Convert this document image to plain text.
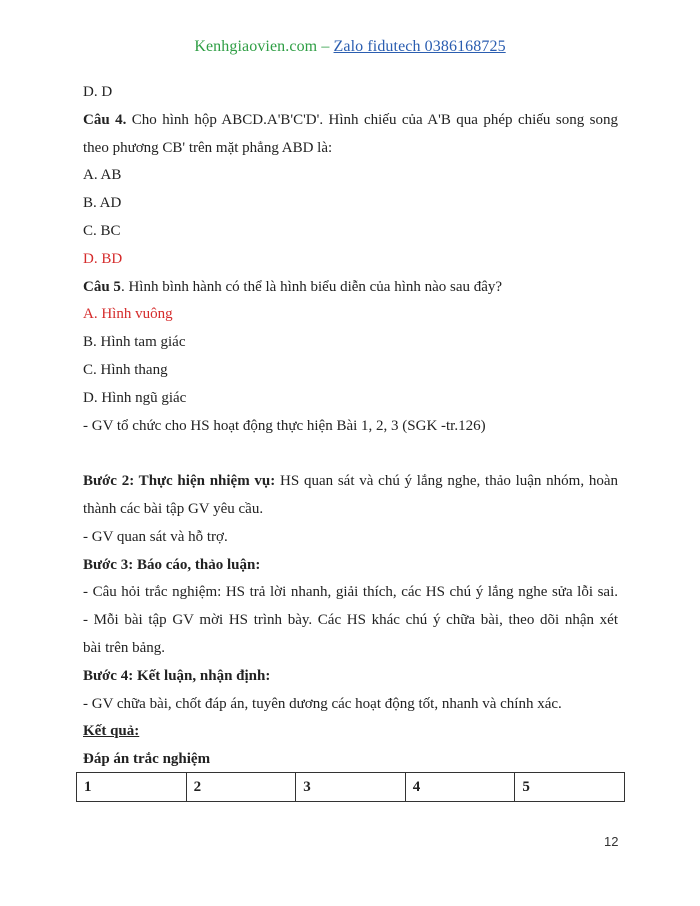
Kenhgiaovien.com – Zalo fidutech 0386168725
D. D
Câu 4. Cho hình hộp ABCD.A'B'C'D'. Hình chiếu của A'B qua phép chiếu song song
theo phương CB' trên mặt phẳng ABD là:
A. AB
B. AD
C. BC
D. BD
Câu 5. Hình bình hành có thể là hình biểu diễn của hình nào sau đây?
A. Hình vuông
B. Hình tam giác
C. Hình thang
D. Hình ngũ giác
- GV tổ chức cho HS hoạt động thực hiện Bài 1, 2, 3 (SGK -tr.126)
Bước 2: Thực hiện nhiệm vụ: HS quan sát và chú ý lắng nghe, thảo luận nhóm, hoàn
thành các bài tập GV yêu cầu.
- GV quan sát và hỗ trợ.
Bước 3: Báo cáo, thảo luận:
- Câu hỏi trắc nghiệm: HS trả lời nhanh, giải thích, các HS chú ý lắng nghe sửa lỗi sai.
- Mỗi bài tập GV mời HS trình bày. Các HS khác chú ý chữa bài, theo dõi nhận xét
bài trên bảng.
Bước 4: Kết luận, nhận định:
- GV chữa bài, chốt đáp án, tuyên dương các hoạt động tốt, nhanh và chính xác.
Kết quả:
Đáp án trắc nghiệm
1	2	3	4	5
12
